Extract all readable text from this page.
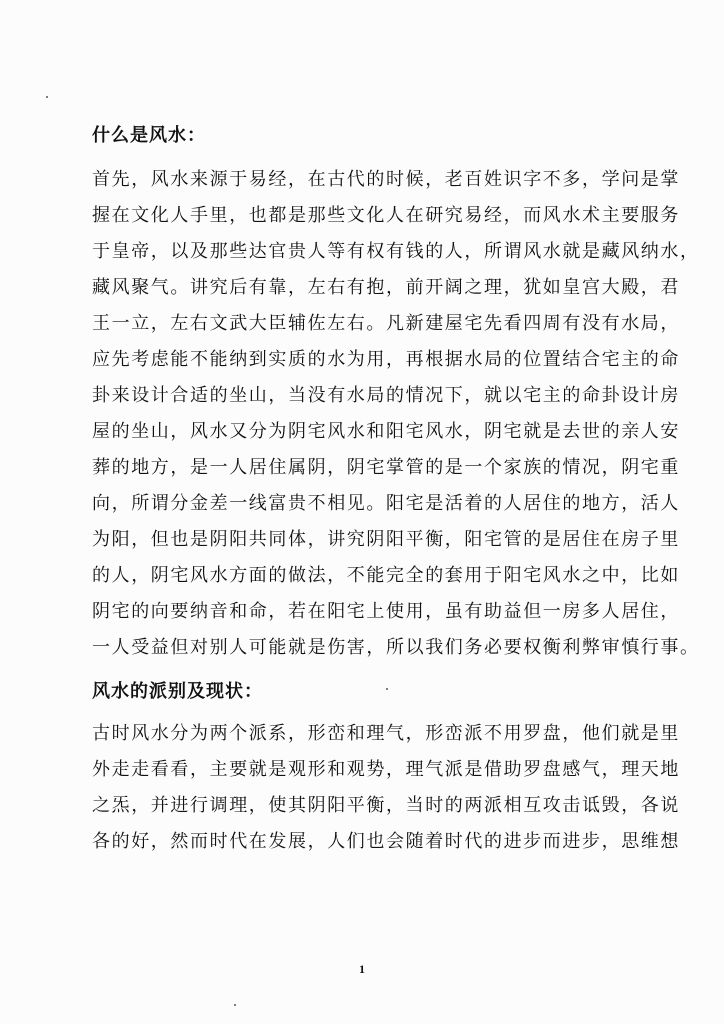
什么是风水：

首先，风水来源于易经，在古代的时候，老百姓识字不多，学问是掌

握在文化人手里，也都是那些文化人在研究易经，而风水术主要服务

于皇帝，以及那些达官贵人等有权有钱的人，所谓风水就是藏风纳水，

藏风聚气。讲究后有靠，左右有抱，前开阔之理，犹如皇宫大殿，君

王一立，左右文武大臣辅佐左右。凡新建屋宅先看四周有没有水局，

应先考虑能不能纳到实质的水为用，再根据水局的位置结合宅主的命

卦来设计合适的坐山，当没有水局的情况下，就以宅主的命卦设计房

屋的坐山，风水又分为阴宅风水和阳宅风水，阴宅就是去世的亲人安

葬的地方，是一人居住属阴，阴宅掌管的是一个家族的情况，阴宅重

向，所谓分金差一线富贵不相见。阳宅是活着的人居住的地方，活人

为阳，但也是阴阳共同体，讲究阴阳平衡，阳宅管的是居住在房子里

的人，阴宅风水方面的做法，不能完全的套用于阳宅风水之中，比如

阴宅的向要纳音和命，若在阳宅上使用，虽有助益但一房多人居住，

一人受益但对别人可能就是伤害，所以我们务必要权衡利弊审慎行事。

风水的派别及现状：

古时风水分为两个派系，形峦和理气，形峦派不用罗盘，他们就是里

外走走看看，主要就是观形和观势，理气派是借助罗盘感气，理天地

之炁，并进行调理，使其阴阳平衡，当时的两派相互攻击诋毁，各说

各的好，然而时代在发展，人们也会随着时代的进步而进步，思维想

1
